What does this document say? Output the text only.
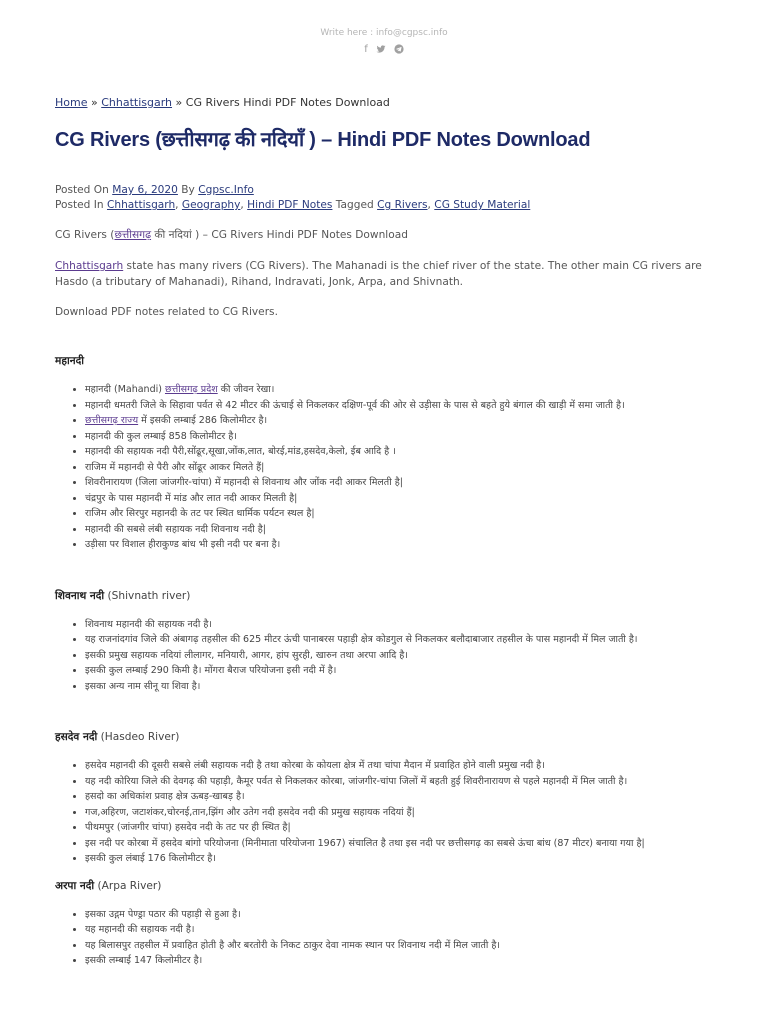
Write here : info@cgpsc.info
f
Home » Chhattisgarh » CG Rivers Hindi PDF Notes Download
CG Rivers (छत्तीसगढ़ की नदियाँ ) – Hindi PDF Notes Download
Posted On May 6, 2020 By Cgpsc.Info
Posted In Chhattisgarh, Geography, Hindi PDF Notes Tagged Cg Rivers, CG Study Material

CG Rivers (छत्तीसगढ़ की नदियां ) – CG Rivers Hindi PDF Notes Download

Chhattisgarh state has many rivers (CG Rivers). The Mahanadi is the chief river of the state. The other main CG rivers are Hasdo (a tributary of Mahanadi), Rihand, Indravati, Jonk, Arpa, and Shivnath.

Download PDF notes related to CG Rivers.

महानदी
• महानदी (Mahandi) छत्तीसगढ़ प्रदेश की जीवन रेखा।
• महानदी धमतरी जिले के सिहावा पर्वत से 42 मीटर की ऊंचाई से निकलकर दक्षिण-पूर्व की ओर से उड़ीसा के पास से बहते हुये बंगाल की खाड़ी में समा जाती है।
• छत्तीसगढ़ राज्य में इसकी लम्बाई 286 किलोमीटर है।
• महानदी की कुल लम्बाई 858 किलोमीटर है।
• महानदी की सहायक नदी पैरी,सोंढूर,सूखा,जोंक,लात, बोरई,मांड,हसदेव,केलो, ईब आदि है ।
• राजिम में महानदी से पैरी और सोंढूर आकर मिलते हैं|
• शिवरीनारायण (जिला जांजगीर-चांपा) में महानदी से शिवनाथ और जोंक नदी आकर मिलती है|
• चंद्रपुर के पास महानदी में मांड और लात नदी आकर मिलती है|
• राजिम और सिरपुर महानदी के तट पर स्थित धार्मिक पर्यटन स्थल है|
• महानदी की सबसे लंबी सहायक नदी शिवनाथ नदी है|
• उड़ीसा पर विशाल हीराकुण्ड बांध भी इसी नदी पर बना है।
शिवनाथ नदी (Shivnath river)
• शिवनाथ महानदी की सहायक नदी है।
• यह राजनांदगांव जिले की अंबागढ़ तहसील की 625 मीटर ऊंची पानाबरस पहाड़ी क्षेत्र कोडगुल से निकलकर बलौदाबाजार तहसील के पास महानदी में मिल जाती है।
• इसकी प्रमुख सहायक नदियां लीलागर, मनियारी, आगर, हांप सुरही, खारुन तथा अरपा आदि है।
• इसकी कुल लम्बाई 290 किमी है। मोंगरा बैराज परियोजना इसी नदी में है।
• इसका अन्य नाम सीनू या शिवा है।
हसदेव नदी (Hasdeo River)
• हसदेव महानदी की दूसरी सबसे लंबी सहायक नदी है तथा कोरबा के कोयला क्षेत्र में तथा चांपा मैदान में प्रवाहित होने वाली प्रमुख नदी है।
• यह नदी कोरिया जिले की देवगढ़ की पहाड़ी, कैमूर पर्वत से निकलकर कोरबा, जांजगीर-चांपा जिलों में बहती हुई शिवरीनारायण से पहले महानदी में मिल जाती है।
• हसदो का अधिकांश प्रवाह क्षेत्र ऊबड़-खाबड़ है।
• गज,अहिरण, जटाशंकर,चोरनई,तान,झिंग और उतेग नदी हसदेव नदी की प्रमुख सहायक नदियां हैं|
• पीथमपुर (जांजगीर चांपा) हसदेव नदी के तट पर ही स्थित है|
• इस नदी पर कोरबा में हसदेव बांगो परियोजना (मिनीमाता परियोजना 1967) संचालित है तथा इस नदी पर छत्तीसगढ़ का सबसे ऊंचा बांध (87 मीटर) बनाया गया है|
• इसकी कुल लंबाई 176 किलोमीटर है।
अरपा नदी (Arpa River)
• इसका उद्गम पेण्ड्रा पठार की पहाड़ी से हुआ है।
• यह महानदी की सहायक नदी है।
• यह बिलासपुर तहसील में प्रवाहित होती है और बरतोरी के निकट ठाकुर देवा नामक स्थान पर शिवनाथ नदी में मिल जाती है।
• इसकी लम्बाई 147 किलोमीटर है।
